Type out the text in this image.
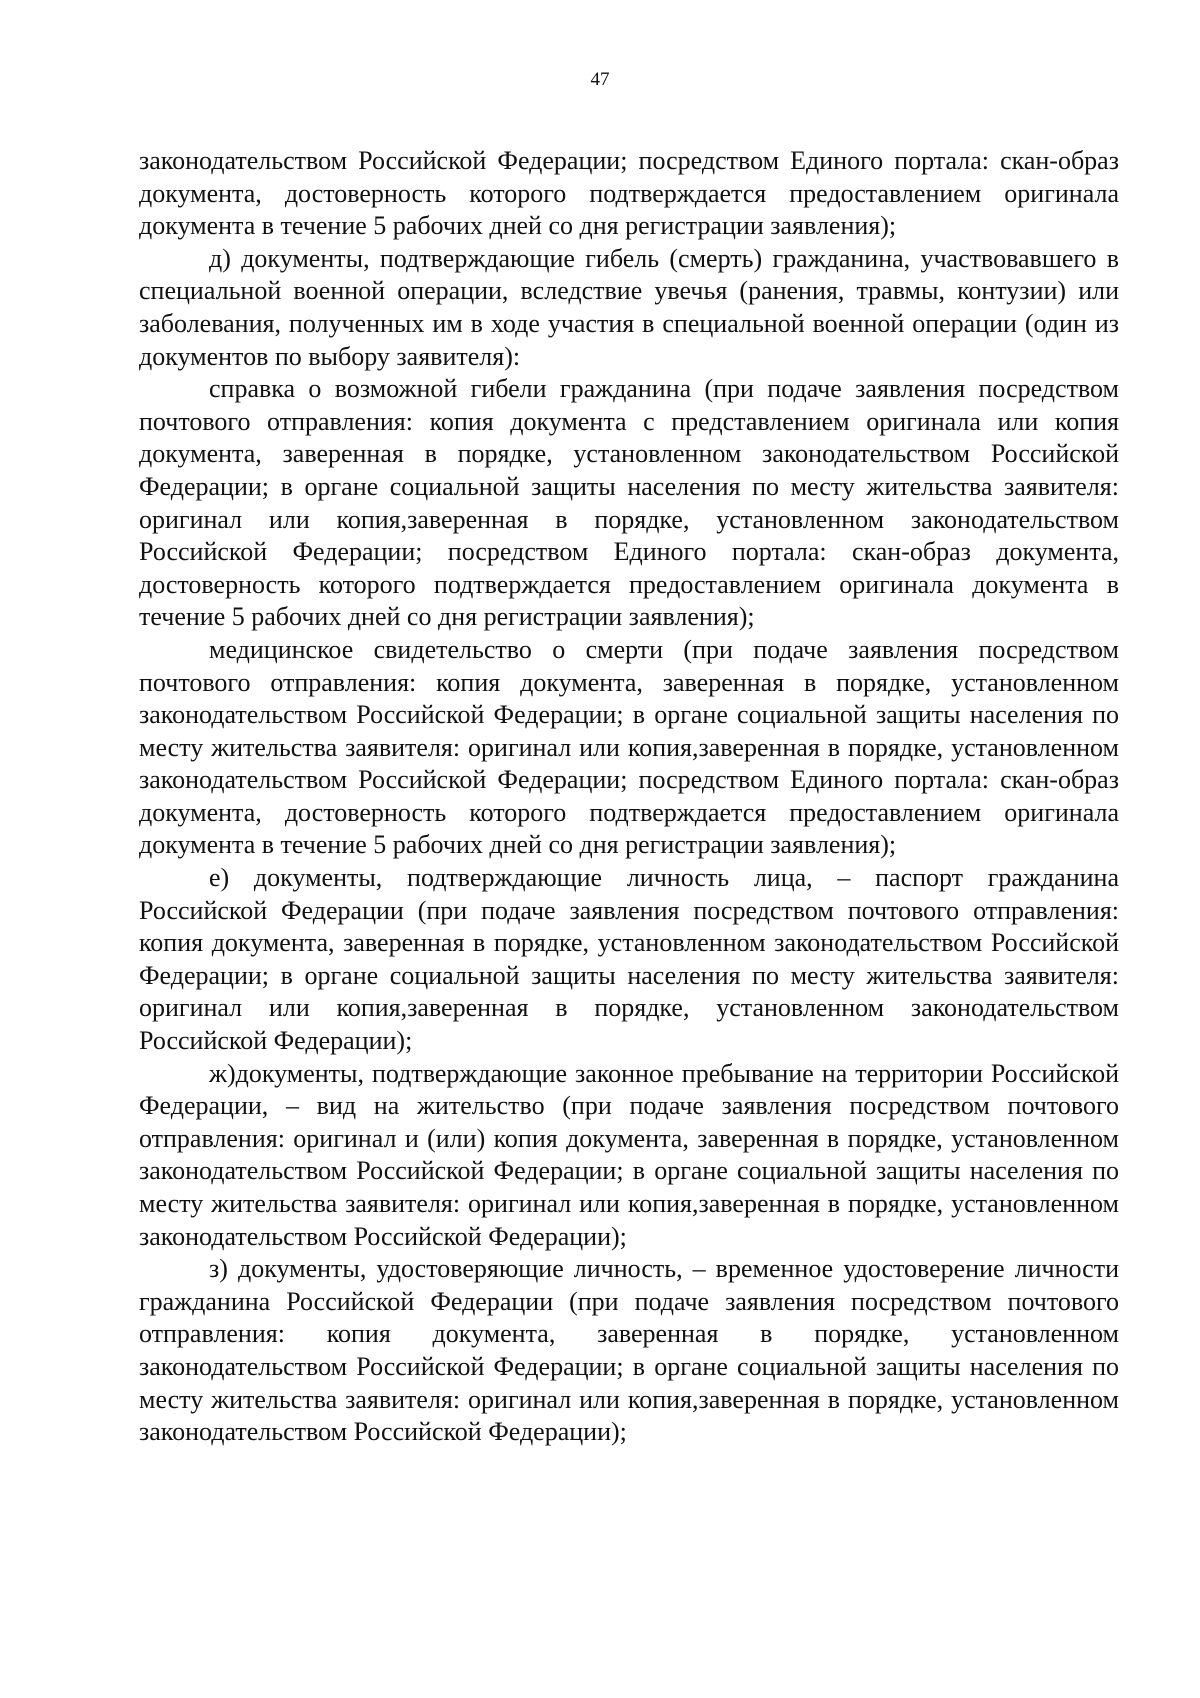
47

законодательством Российской Федерации; посредством Единого портала: скан-образ документа, достоверность которого подтверждается предоставлением оригинала документа в течение 5 рабочих дней со дня регистрации заявления);

д) документы, подтверждающие гибель (смерть) гражданина, участвовавшего в специальной военной операции, вследствие увечья (ранения, травмы, контузии) или заболевания, полученных им в ходе участия в специальной военной операции (один из документов по выбору заявителя):

справка о возможной гибели гражданина (при подаче заявления посредством почтового отправления: копия документа с представлением оригинала или копия документа, заверенная в порядке, установленном законодательством Российской Федерации; в органе социальной защиты населения по месту жительства заявителя: оригинал или копия,заверенная в порядке, установленном законодательством Российской Федерации; посредством Единого портала: скан-образ документа, достоверность которого подтверждается предоставлением оригинала документа в течение 5 рабочих дней со дня регистрации заявления);

медицинское свидетельство о смерти (при подаче заявления посредством почтового отправления: копия документа, заверенная в порядке, установленном законодательством Российской Федерации; в органе социальной защиты населения по месту жительства заявителя: оригинал или копия,заверенная в порядке, установленном законодательством Российской Федерации; посредством Единого портала: скан-образ документа, достоверность которого подтверждается предоставлением оригинала документа в течение 5 рабочих дней со дня регистрации заявления);

е) документы, подтверждающие личность лица, – паспорт гражданина Российской Федерации (при подаче заявления посредством почтового отправления: копия документа, заверенная в порядке, установленном законодательством Российской Федерации; в органе социальной защиты населения по месту жительства заявителя: оригинал или копия,заверенная в порядке, установленном законодательством Российской Федерации);

ж)документы, подтверждающие законное пребывание на территории Российской Федерации, – вид на жительство (при подаче заявления посредством почтового отправления: оригинал и (или) копия документа, заверенная в порядке, установленном законодательством Российской Федерации; в органе социальной защиты населения по месту жительства заявителя: оригинал или копия,заверенная в порядке, установленном законодательством Российской Федерации);

з) документы, удостоверяющие личность, – временное удостоверение личности гражданина Российской Федерации (при подаче заявления посредством почтового отправления: копия документа, заверенная в порядке, установленном законодательством Российской Федерации; в органе социальной защиты населения по месту жительства заявителя: оригинал или копия,заверенная в порядке, установленном законодательством Российской Федерации);
